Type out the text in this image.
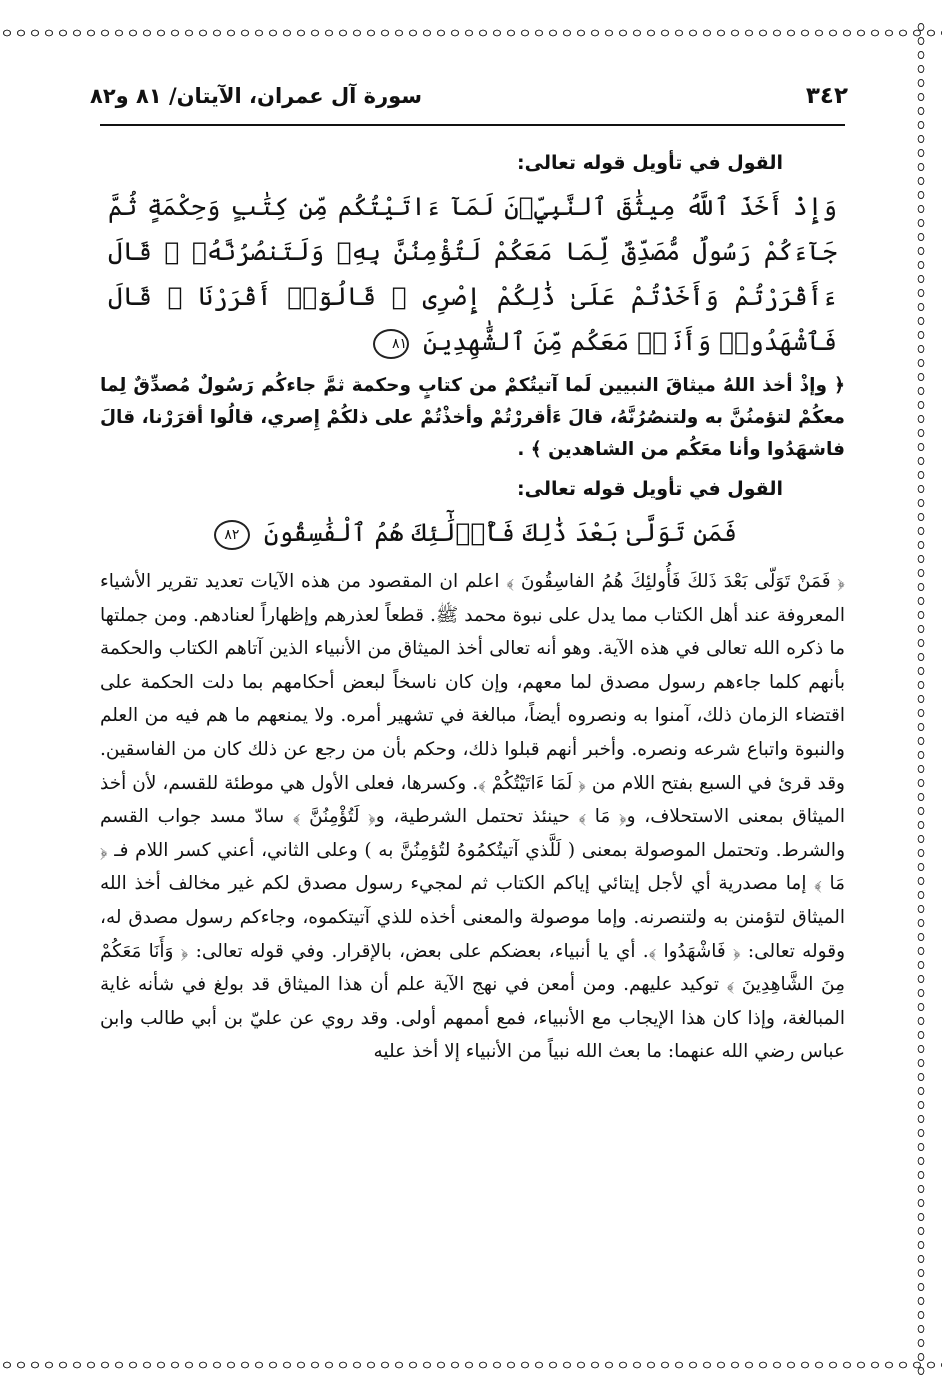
٣٤٢
سورة آل عمران، الآيتان/ ٨١ و٨٢
القول في تأويل قوله تعالى:
وَإِذْ أَخَذَ ٱللَّهُ مِيثَٰقَ ٱلنَّبِيِّۦنَ لَمَآ ءَاتَيْتُكُم مِّن كِتَٰبٍ وَحِكْمَةٍ ثُمَّ جَآءَكُمْ رَسُولٌ مُّصَدِّقٌ لِّمَا مَعَكُمْ لَتُؤْمِنُنَّ بِهِۦ وَلَتَنصُرُنَّهُۥ ۚ قَالَ ءَأَقْرَرْتُمْ وَأَخَذْتُمْ عَلَىٰ ذَٰلِكُمْ إِصْرِى ۖ قَالُوٓا۟ أَقْرَرْنَا ۚ قَالَ فَٱشْهَدُوا۟ وَأَنَا۠ مَعَكُم مِّنَ ٱلشَّٰهِدِينَ ٨١

﴿ وإذْ أخذ اللهُ ميثاقَ النبيين لَما آتيتُكمْ من كتابٍ وحكمة ثمَّ جاءكُم رَسُولٌ مُصدِّقٌ لِما معكُمْ لتؤمنُنَّ به ولتنصُرُنَّهُ، قالَ ءَأقررْتُمْ وأخذْتُمْ على ذلكُمْ إِصري، قالُوا أقرَرْنا، قالَ فاشهَدُوا وأنا معَكُم من الشاهدين ﴾ .

القول في تأويل قوله تعالى:
فَمَن تَوَلَّىٰ بَعْدَ ذَٰلِكَ فَأُو۟لَٰٓئِكَ هُمُ ٱلْفَٰسِقُونَ ٨٢

﴿ فَمَنْ تَوَلّى بَعْدَ ذَلكَ فَأُولئِكَ هُمُ الفاسِقُونَ ﴾ اعلم ان المقصود من هذه الآيات تعديد تقرير الأشياء المعروفة عند أهل الكتاب مما يدل على نبوة محمد ﷺ. قطعاً لعذرهم وإظهاراً لعنادهم. ومن جملتها ما ذكره الله تعالى في هذه الآية. وهو أنه تعالى أخذ الميثاق من الأنبياء الذين آتاهم الكتاب والحكمة بأنهم كلما جاءهم رسول مصدق لما معهم، وإن كان ناسخاً لبعض أحكامهم بما دلت الحكمة على اقتضاء الزمان ذلك، آمنوا به ونصروه أيضاً، مبالغة في تشهير أمره. ولا يمنعهم ما هم فيه من العلم والنبوة واتباع شرعه ونصره. وأخبر أنهم قبلوا ذلك، وحكم بأن من رجع عن ذلك كان من الفاسقين. وقد قرئ في السبع بفتح اللام من ﴿ لَمَا ءَاتَيْتُكُمْ ﴾. وكسرها، فعلى الأول هي موطئة للقسم، لأن أخذ الميثاق بمعنى الاستحلاف، و﴿ مَا ﴾ حينئذ تحتمل الشرطية، و﴿ لَتُؤْمِنُنَّ ﴾ سادّ مسد جواب القسم والشرط. وتحتمل الموصولة بمعنى ( لَلَّذي آتيتُكمُوهُ لتُؤمِنُنَّ به ) وعلى الثاني، أعني كسر اللام فـ ﴿ مَا ﴾ إما مصدرية أي لأجل إيتائي إياكم الكتاب ثم لمجيء رسول مصدق لكم غير مخالف أخذ الله الميثاق لتؤمنن به ولتنصرنه. وإما موصولة والمعنى أخذه للذي آتيتكموه، وجاءكم رسول مصدق له، وقوله تعالى: ﴿ فَاشْهَدُوا ﴾. أي يا أنبياء، بعضكم على بعض، بالإقرار. وفي قوله تعالى: ﴿ وَأَنَا مَعَكُمْ مِنَ الشَّاهِدِينَ ﴾ توكيد عليهم. ومن أمعن في نهج الآية علم أن هذا الميثاق قد بولغ في شأنه غاية المبالغة، وإذا كان هذا الإيجاب مع الأنبياء، فمع أممهم أولى. وقد روي عن عليّ بن أبي طالب وابن عباس رضي الله عنهما: ما بعث الله نبياً من الأنبياء إلا أخذ عليه
